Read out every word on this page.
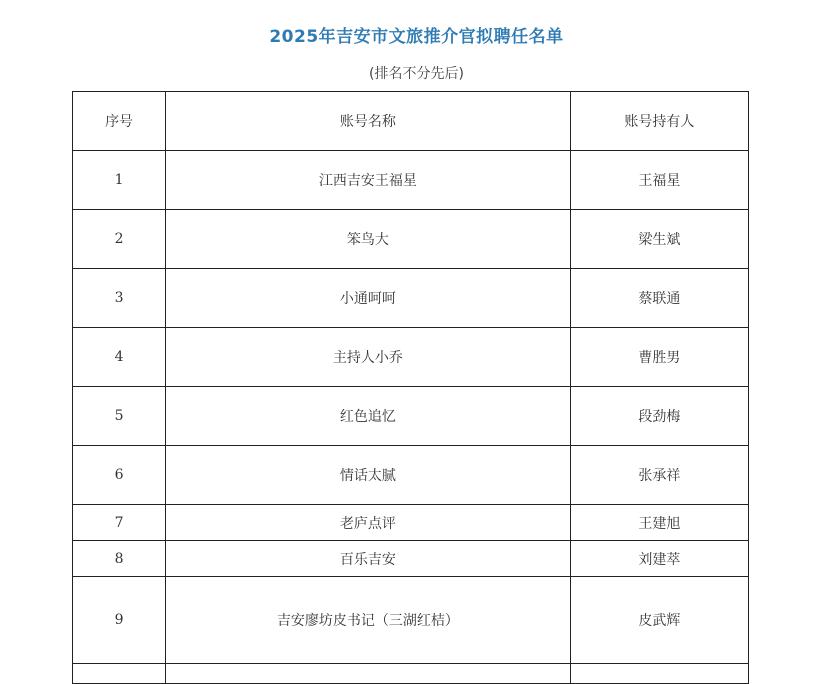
2025年吉安市文旅推介官拟聘任名单
(排名不分先后)
序号	账号名称	账号持有人
1	江西吉安王福星	王福星
2	笨鸟大	梁生斌
3	小通呵呵	蔡联通
4	主持人小乔	曹胜男
5	红色追忆	段劲梅
6	情话太腻	张承祥
7	老庐点评	王建旭
8	百乐吉安	刘建萃
9	吉安廖坊皮书记（三湖红桔）	皮武辉
